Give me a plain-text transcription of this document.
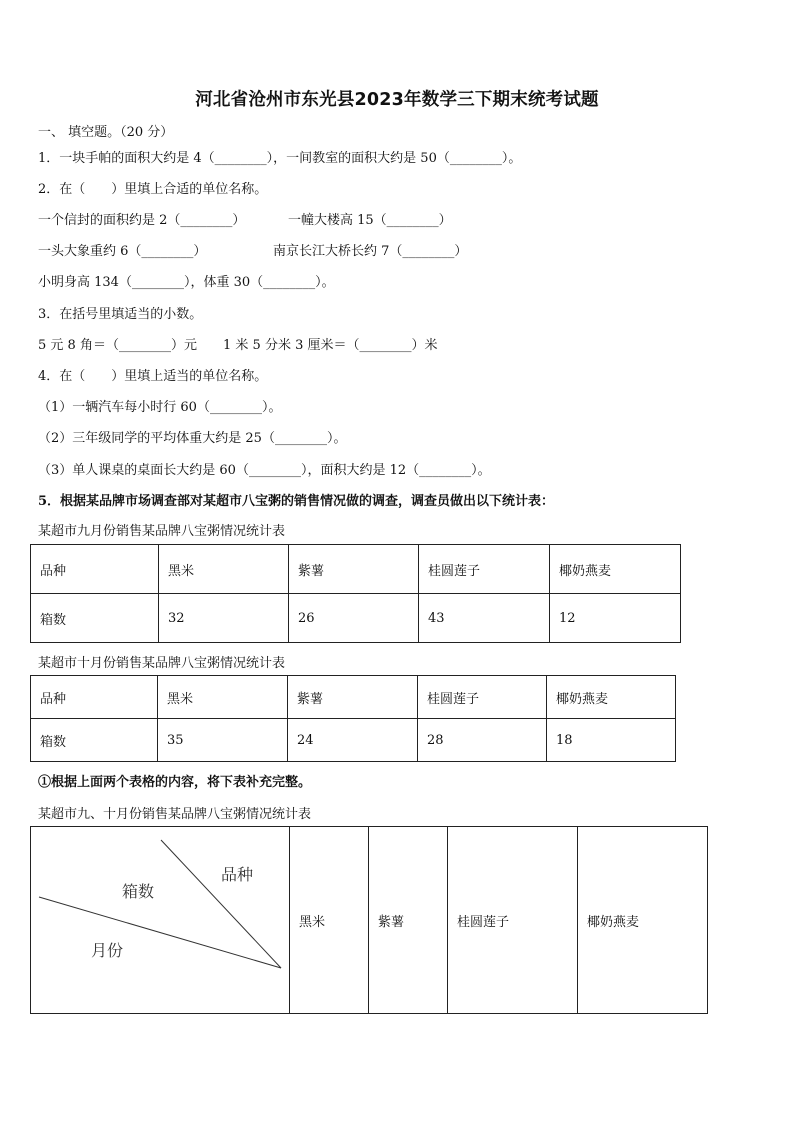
河北省沧州市东光县2023年数学三下期末统考试题
一、 填空题。（20 分）
1．一块手帕的面积大约是 4（________），一间教室的面积大约是 50（________）。
2．在（　　）里填上合适的单位名称。
一个信封的面积约是 2（________）	一幢大楼高 15（________）
一头大象重约 6（________）	南京长江大桥长约 7（________）
小明身高 134（________），体重 30（________）。
3．在括号里填适当的小数。
5 元 8 角＝（________）元 1 米 5 分米 3 厘米＝（________）米
4．在（　　）里填上适当的单位名称。
（1）一辆汽车每小时行 60（________）。
（2）三年级同学的平均体重大约是 25（________）。
（3）单人课桌的桌面长大约是 60（________），面积大约是 12（________）。
5．根据某品牌市场调查部对某超市八宝粥的销售情况做的调查，调查员做出以下统计表：
某超市九月份销售某品牌八宝粥情况统计表
品种	黑米	紫薯	桂圆莲子	椰奶燕麦
箱数	32	26	43	12
某超市十月份销售某品牌八宝粥情况统计表
品种	黑米	紫薯	桂圆莲子	椰奶燕麦
箱数	35	24	28	18
①根据上面两个表格的内容，将下表补充完整。
某超市九、十月份销售某品牌八宝粥情况统计表
品种
箱数
月份
	黑米	紫薯	桂圆莲子	椰奶燕麦
